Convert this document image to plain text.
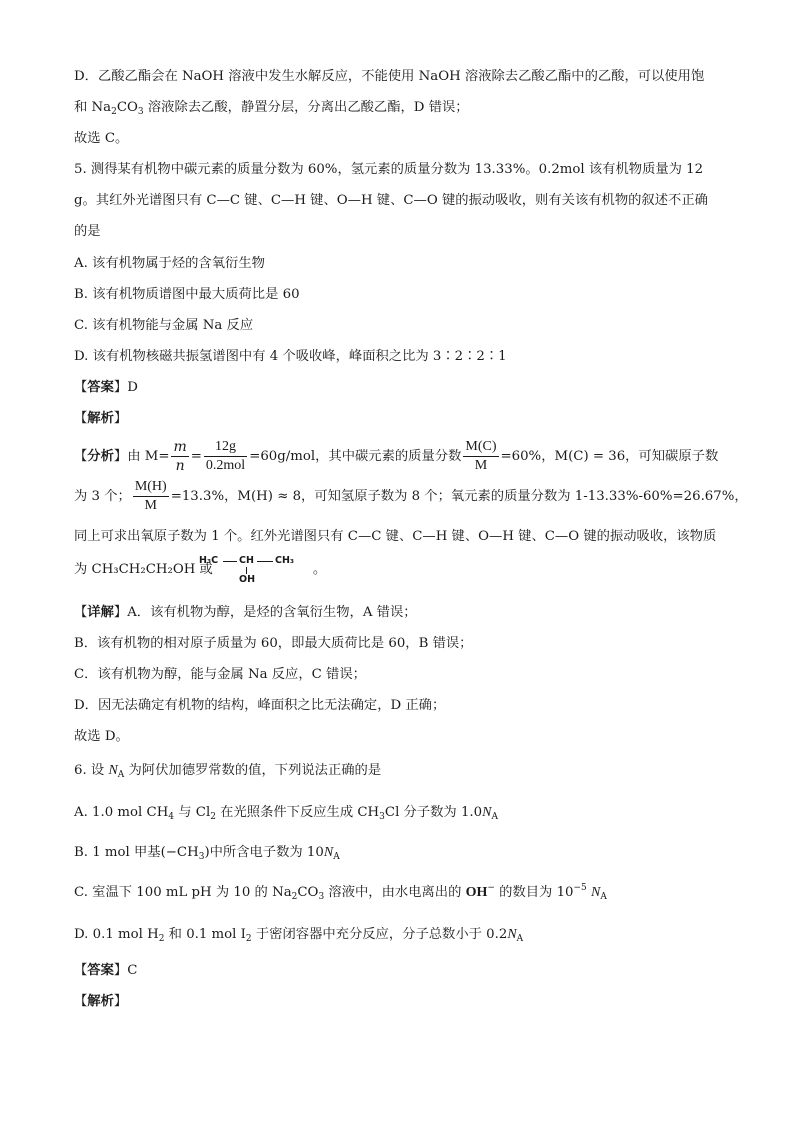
D．乙酸乙酯会在 NaOH 溶液中发生水解反应，不能使用 NaOH 溶液除去乙酸乙酯中的乙酸，可以使用饱
和 $Na_2CO_3$ 溶液除去乙酸，静置分层，分离出乙酸乙酯，D 错误；
故选 C。
5. 测得某有机物中碳元素的质量分数为 60%，氢元素的质量分数为 13.33%。0.2mol 该有机物质量为 12
g。其红外光谱图只有 C—C 键、C—H 键、O—H 键、C—O 键的振动吸收，则有关该有机物的叙述不正确
的是
A. 该有机物属于烃的含氧衍生物
B. 该有机物质谱图中最大质荷比是 60
C. 该有机物能与金属 Na 反应
D. 该有机物核磁共振氢谱图中有 4 个吸收峰，峰面积之比为 3∶2∶2∶1
【答案】D
【解析】
【分析】由 $M= \frac{m}{n} = \frac{12g}{\text{0.2mol}} =60g/mol$，其中碳元素的质量分数 $\frac{M(C)}{M} =60\%$，M(C) = 36，可知碳原子数
为 3 个； $\frac{M(H)}{M} =13.3\%$，M(H) ≈ 8，可知氢原子数为 8 个；氧元素的质量分数为 1-13.33%-60%=26.67%，
同上可求出氧原子数为 1 个。红外光谱图只有 C—C 键、C—H 键、O—H 键、C—O 键的振动吸收，该物质
为 CH₃CH₂CH₂OH 或	。
H₃C CH CH₃
OH
【详解】A．该有机物为醇，是烃的含氧衍生物，A 错误；
B．该有机物的相对原子质量为 60，即最大质荷比是 60，B 错误；
C．该有机物为醇，能与金属 Na 反应，C 错误；
D．因无法确定有机物的结构，峰面积之比无法确定，D 正确；
故选 D。
6. 设 $N_A$ 为阿伏加德罗常数的值，下列说法正确的是
A. 1.0 mol $CH_4$ 与 $Cl_2$ 在光照条件下反应生成 $CH_3Cl$ 分子数为 $1.0N_A$
B. 1 mol 甲基$(-CH_3)$中所含电子数为 $10N_A$
C. 室温下 100 mL pH 为 10 的 $Na_2CO_3$ 溶液中，由水电离出的 OH− 的数目为 $10^{-5}$ $N_A$
D. 0.1 mol $H_2$ 和 0.1 mol $I_2$ 于密闭容器中充分反应，分子总数小于 $0.2N_A$
【答案】C
【解析】
